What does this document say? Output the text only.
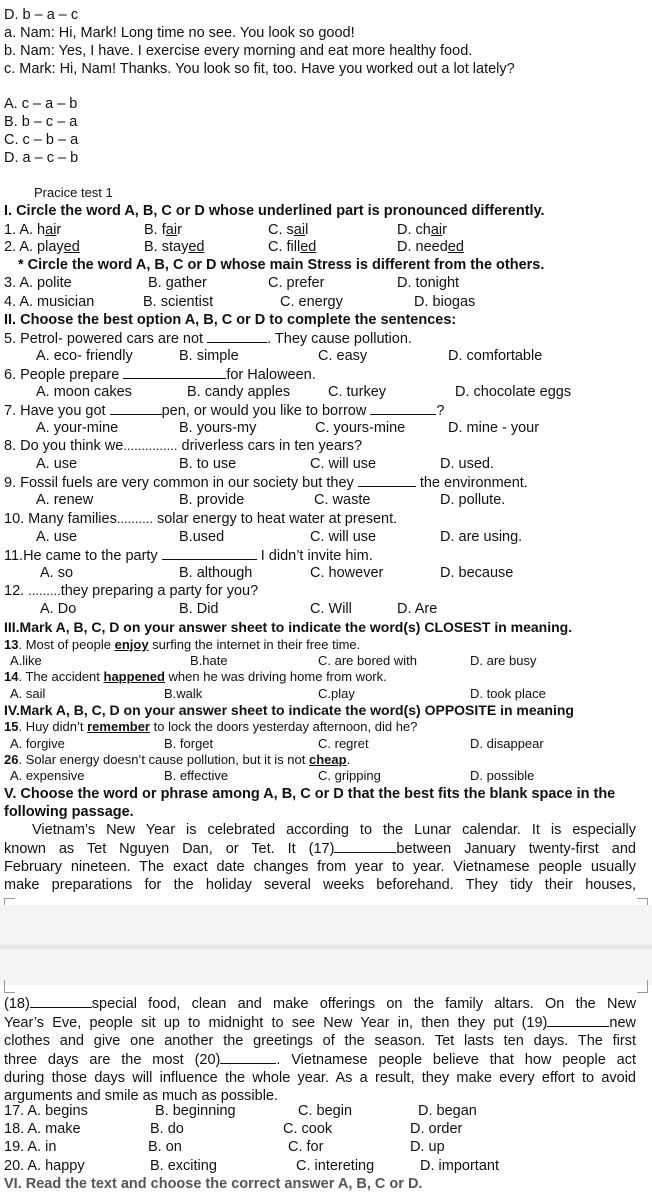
D. b – a – c
a. Nam: Hi, Mark! Long time no see. You look so good!
b. Nam: Yes, I have. I exercise every morning and eat more healthy food.
c. Mark: Hi, Nam! Thanks. You look so fit, too. Have you worked out a lot lately?
A. c – a – b
B. b – c – a
C. c – b – a
D. a – c – b
Pracice test 1
I. Circle the word A, B, C or D whose underlined part is pronounced differently.
1. A. hair	B. fair	C. sail	D. chair
2. A. played	B. stayed	C. filled	D. needed
* Circle the word A, B, C or D whose main Stress is different from the others.
3. A. polite	B. gather	C. prefer	D. tonight
4. A. musician	B. scientist	C. energy	D. biogas
II. Choose the best option A, B, C or D to complete the sentences:
5. Petrol- powered cars are not	. They cause pollution.
A. eco- friendly	B. simple	C. easy	D. comfortable
6. People prepare	for Haloween.
A. moon cakes	B. candy apples	C. turkey	D. chocolate eggs
7. Have you got	pen, or would you like to borrow	?
A. your-mine	B. yours-my	C. yours-mine	D. mine - your
8. Do you think we............... driverless cars in ten years?
A. use	B. to use	C. will use	D. used.
9. Fossil fuels are very common in our society but they	the environment.
A. renew	B. provide	C. waste	D. pollute.
10. Many families.......... solar energy to heat water at present.
A. use	B.used	C. will use	D. are using.
11.He came to the party	I didn’t invite him.
A. so	B. although	C. however	D. because
12. .........they preparing a party for you?
A. Do	B. Did	C. Will	D. Are
III.Mark A, B, C, D on your answer sheet to indicate the word(s) CLOSEST in meaning.
13. Most of people enjoy surfing the internet in their free time.
A.like	B.hate	C. are bored with	D. are busy
14. The accident happened when he was driving home from work.
A. sail	B.walk	C.play	D. took place
IV.Mark A, B, C, D on your answer sheet to indicate the word(s) OPPOSITE in meaning
15. Huy didn’t remember to lock the doors yesterday afternoon, did he?
A. forgive	B. forget	C. regret	D. disappear
26. Solar energy doesn’t cause pollution, but it is not cheap.
A. expensive	B. effective	C. gripping	D. possible
V. Choose the word or phrase among A, B, C or D that the best fits the blank space in the
following passage.
Vietnam’s New Year is celebrated according to the Lunar calendar. It is especially
known as Tet Nguyen Dan, or Tet. It (17)	between January twenty-first and
February nineteen. The exact date changes from year to year. Vietnamese people usually
make preparations for the holiday several weeks beforehand. They tidy their houses,
(18)	special food, clean and make offerings on the family altars. On the New
Year’s Eve, people sit up to midnight to see New Year in, then they put (19)	new
clothes and give one another the greetings of the season. Tet lasts ten days. The first
three days are the most (20)	. Vietnamese people believe that how people act
during those days will influence the whole year. As a result, they make every effort to avoid
arguments and smile as much as possible.
17. A. begins	B. beginning	C. begin	D. began
18. A. make	B. do	C. cook	D. order
19. A. in	B. on	C. for	D. up
20. A. happy	B. exciting	C. intereting	D. important
VI. Read the text and choose the correct answer A, B, C or D.
